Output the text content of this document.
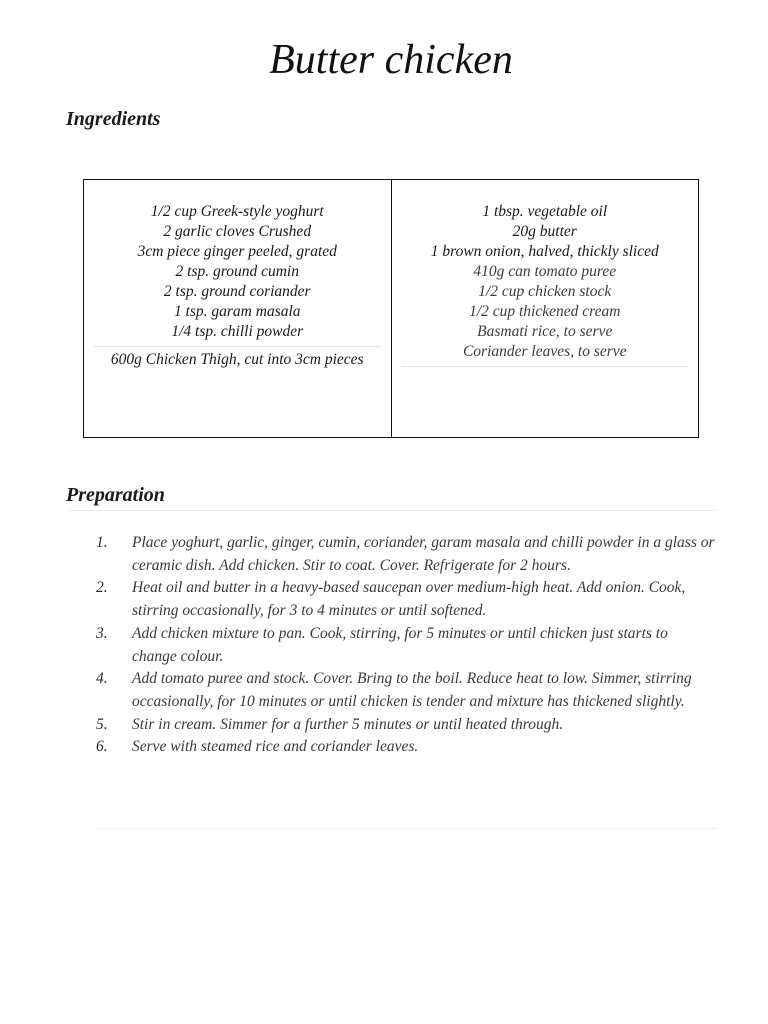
Butter chicken
Ingredients
1/2 cup Greek-style yoghurt
2 garlic cloves Crushed
3cm piece ginger peeled, grated
2 tsp. ground cumin
2 tsp. ground coriander
1 tsp. garam masala
1/4 tsp. chilli powder
600g Chicken Thigh, cut into 3cm pieces
1 tbsp. vegetable oil
20g butter
1 brown onion, halved, thickly sliced
410g can tomato puree
1/2 cup chicken stock
1/2 cup thickened cream
Basmati rice, to serve
Coriander leaves, to serve
Preparation
1.	Place yoghurt, garlic, ginger, cumin, coriander, garam masala and chilli powder in a glass or ceramic dish. Add chicken. Stir to coat. Cover. Refrigerate for 2 hours.
2.	Heat oil and butter in a heavy-based saucepan over medium-high heat. Add onion. Cook, stirring occasionally, for 3 to 4 minutes or until softened.
3.	Add chicken mixture to pan. Cook, stirring, for 5 minutes or until chicken just starts to change colour.
4.	Add tomato puree and stock. Cover. Bring to the boil. Reduce heat to low. Simmer, stirring occasionally, for 10 minutes or until chicken is tender and mixture has thickened slightly.
5.	Stir in cream. Simmer for a further 5 minutes or until heated through.
6.	Serve with steamed rice and coriander leaves.
